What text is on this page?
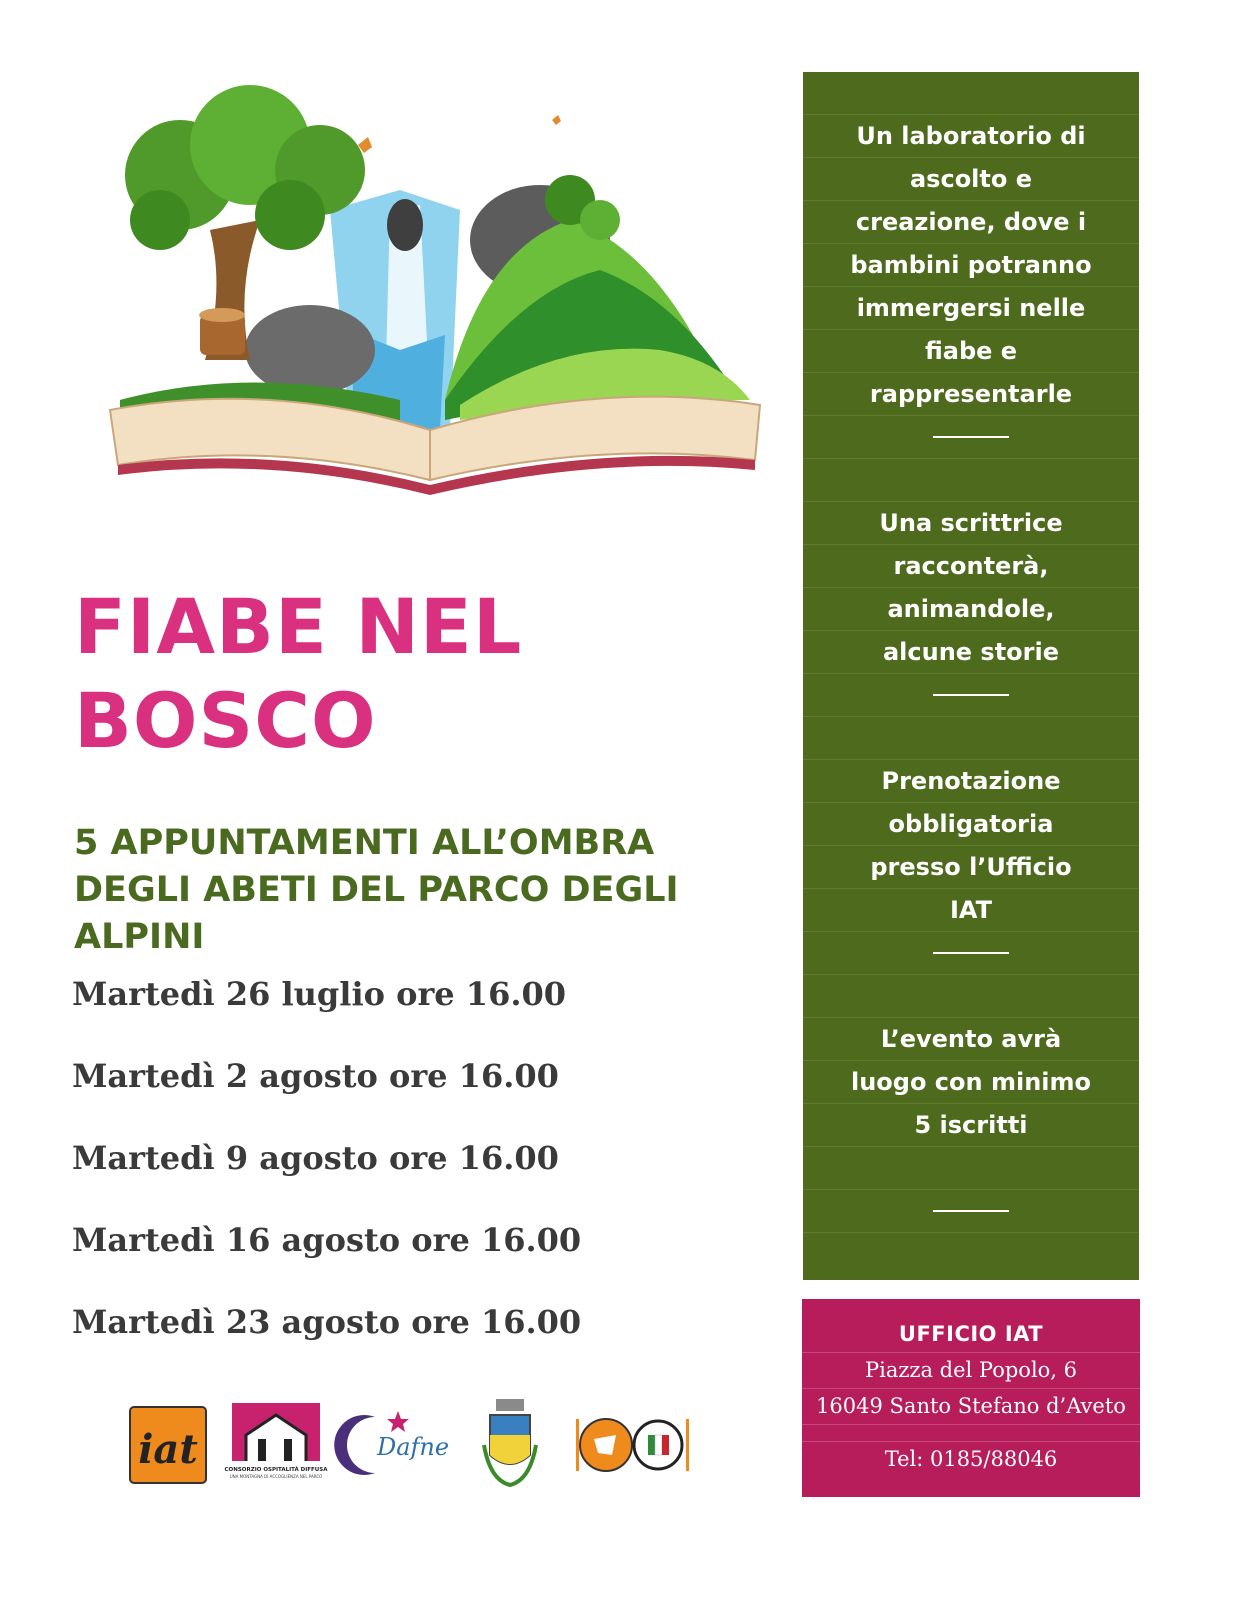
FIABE NEL
BOSCO
5 APPUNTAMENTI ALL’OMBRA
DEGLI ABETI DEL PARCO DEGLI
ALPINI
Martedì 26 luglio ore 16.00
Martedì 2 agosto ore 16.00
Martedì 9 agosto ore 16.00
Martedì 16 agosto ore 16.00
Martedì 23 agosto ore 16.00
iat	CONSORZIO OSPITALITÀ DIFFUSA
UNA MONTAGNA DI ACCOGLIENZA NEL PARCO
Dafne
Un laboratorio di
ascolto e
creazione, dove i
bambini potranno
immergersi nelle
fiabe e
rappresentarle
Una scrittrice
racconterà,
animandole,
alcune storie
Prenotazione
obbligatoria
presso l’Ufficio
IAT
L’evento avrà
luogo con minimo
5 iscritti
UFFICIO IAT
Piazza del Popolo, 6
16049 Santo Stefano d’Aveto
Tel: 0185/88046
